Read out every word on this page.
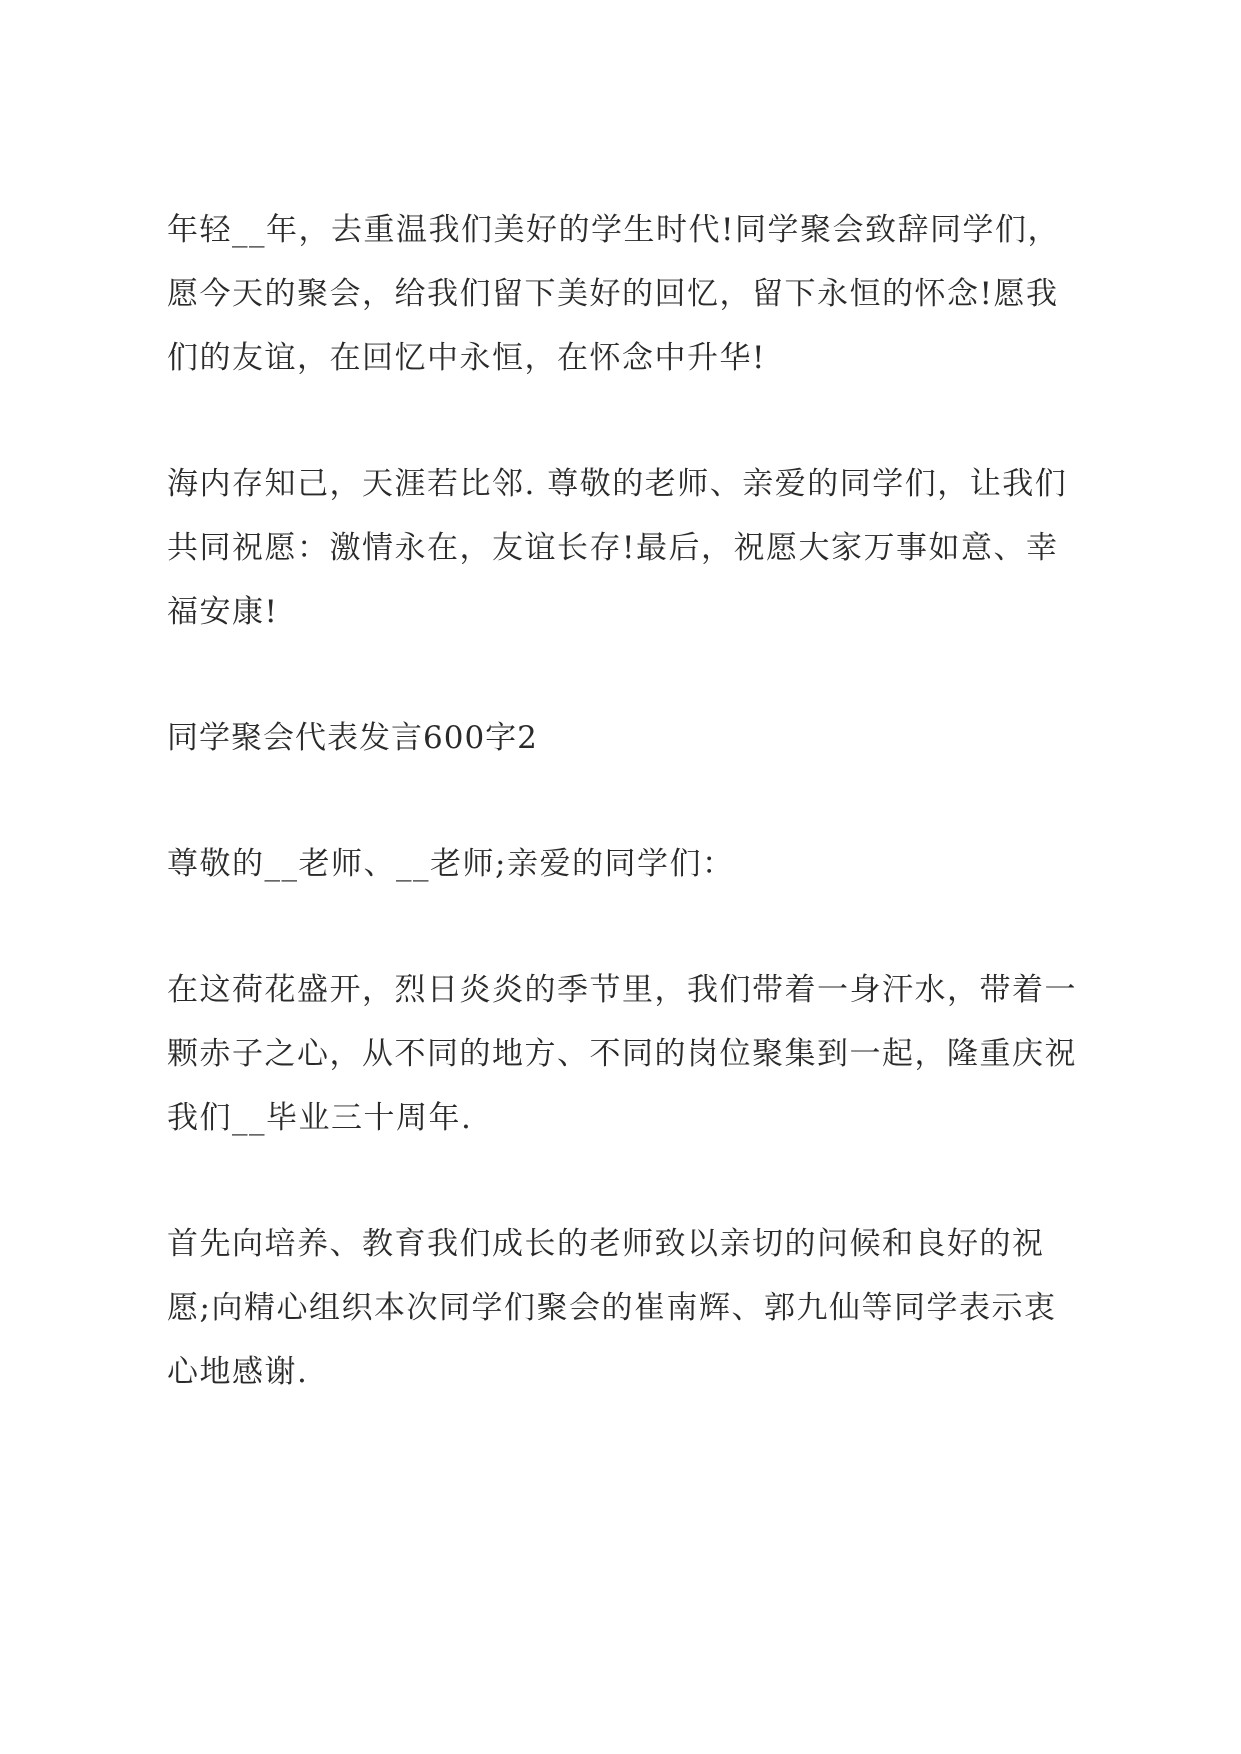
年轻__年，去重温我们美好的学生时代!同学聚会致辞同学们，
愿今天的聚会，给我们留下美好的回忆，留下永恒的怀念!愿我
们的友谊，在回忆中永恒，在怀念中升华!
海内存知己，天涯若比邻. 尊敬的老师、亲爱的同学们，让我们
共同祝愿：激情永在，友谊长存!最后，祝愿大家万事如意、幸
福安康!
同学聚会代表发言600字2
尊敬的__老师、__老师;亲爱的同学们：
在这荷花盛开，烈日炎炎的季节里，我们带着一身汗水，带着一
颗赤子之心，从不同的地方、不同的岗位聚集到一起，隆重庆祝
我们__毕业三十周年.
首先向培养、教育我们成长的老师致以亲切的问候和良好的祝
愿;向精心组织本次同学们聚会的崔南辉、郭九仙等同学表示衷
心地感谢.
